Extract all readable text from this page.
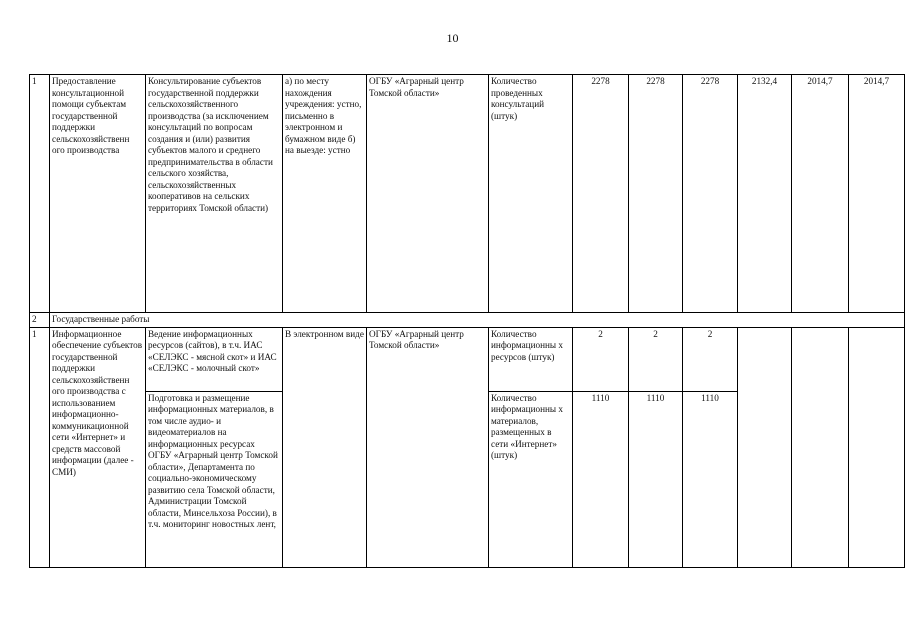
10
1	Предоставление консультационной помощи субъектам государственной поддержки сельскохозяйственн ого производства	Консультирование субъектов государственной поддержки сельскохозяйственного производства (за исключением консультаций по вопросам создания и (или) развития субъектов малого и среднего предпринимательства в области сельского хозяйства, сельскохозяйственных кооперативов на сельских территориях Томской области)	а) по месту нахождения учреждения: устно, письменно в электронном и бумажном виде б) на выезде: устно	ОГБУ «Аграрный центр Томской области»	Количество проведенных консультаций (штук)	2278	2278	2278	2132,4	2014,7	2014,7
2	Государственные работы										
1	Информационное обеспечение субъектов государственной поддержки сельскохозяйственн ого производства с использованием информационно-коммуникационной сети «Интернет» и средств массовой информации (далее - СМИ)	Ведение информационных ресурсов (сайтов), в т.ч. ИАС «СЕЛЭКС - мясной скот» и ИАС «СЕЛЭКС - молочный скот»	В электронном виде	ОГБУ «Аграрный центр Томской области»	Количество информационны х ресурсов (штук)	2	2	2			
		Подготовка и размещение информационных материалов, в том числе аудио- и видеоматериалов на информационных ресурсах ОГБУ «Аграрный центр Томской области», Департамента по социально-экономическому развитию села Томской области, Администрации Томской области, Минсельхоза России), в т.ч. мониторинг новостных лент,			Количество информационны х материалов, размещенных в сети «Интернет» (штук)	1110	1110	1110			
